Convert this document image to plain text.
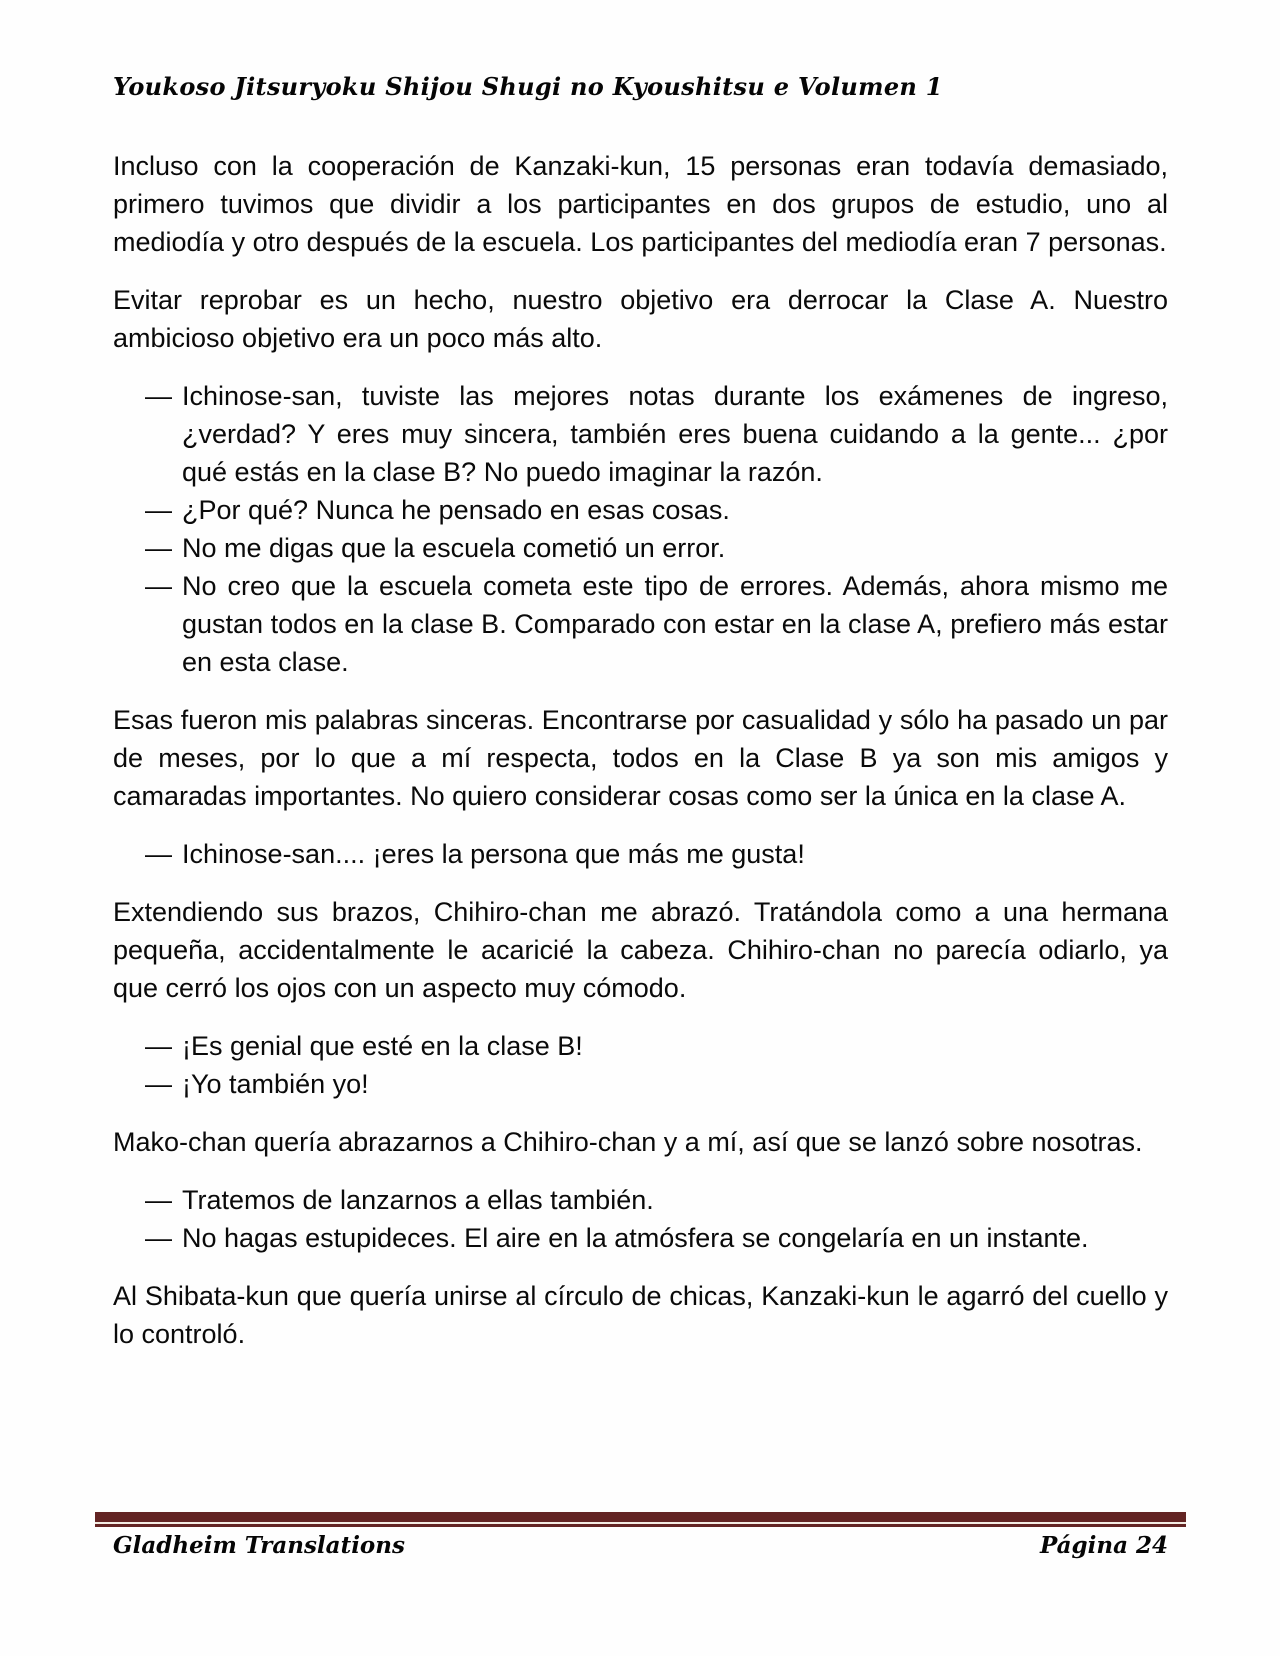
Youkoso Jitsuryoku Shijou Shugi no Kyoushitsu e Volumen 1

Incluso con la cooperación de Kanzaki-kun, 15 personas eran todavía demasiado, primero tuvimos que dividir a los participantes en dos grupos de estudio, uno al mediodía y otro después de la escuela. Los participantes del mediodía eran 7 personas.

Evitar reprobar es un hecho, nuestro objetivo era derrocar la Clase A. Nuestro ambicioso objetivo era un poco más alto.

— Ichinose-san, tuviste las mejores notas durante los exámenes de ingreso, ¿verdad? Y eres muy sincera, también eres buena cuidando a la gente... ¿por qué estás en la clase B? No puedo imaginar la razón.
— ¿Por qué? Nunca he pensado en esas cosas.
— No me digas que la escuela cometió un error.
— No creo que la escuela cometa este tipo de errores. Además, ahora mismo me gustan todos en la clase B. Comparado con estar en la clase A, prefiero más estar en esta clase.

Esas fueron mis palabras sinceras. Encontrarse por casualidad y sólo ha pasado un par de meses, por lo que a mí respecta, todos en la Clase B ya son mis amigos y camaradas importantes. No quiero considerar cosas como ser la única en la clase A.

— Ichinose-san.... ¡eres la persona que más me gusta!

Extendiendo sus brazos, Chihiro-chan me abrazó. Tratándola como a una hermana pequeña, accidentalmente le acaricié la cabeza. Chihiro-chan no parecía odiarlo, ya que cerró los ojos con un aspecto muy cómodo.

— ¡Es genial que esté en la clase B!
— ¡Yo también yo!

Mako-chan quería abrazarnos a Chihiro-chan y a mí, así que se lanzó sobre nosotras.

— Tratemos de lanzarnos a ellas también.
— No hagas estupideces. El aire en la atmósfera se congelaría en un instante.

Al Shibata-kun que quería unirse al círculo de chicas, Kanzaki-kun le agarró del cuello y lo controló.

Gladheim Translations	Página 24
